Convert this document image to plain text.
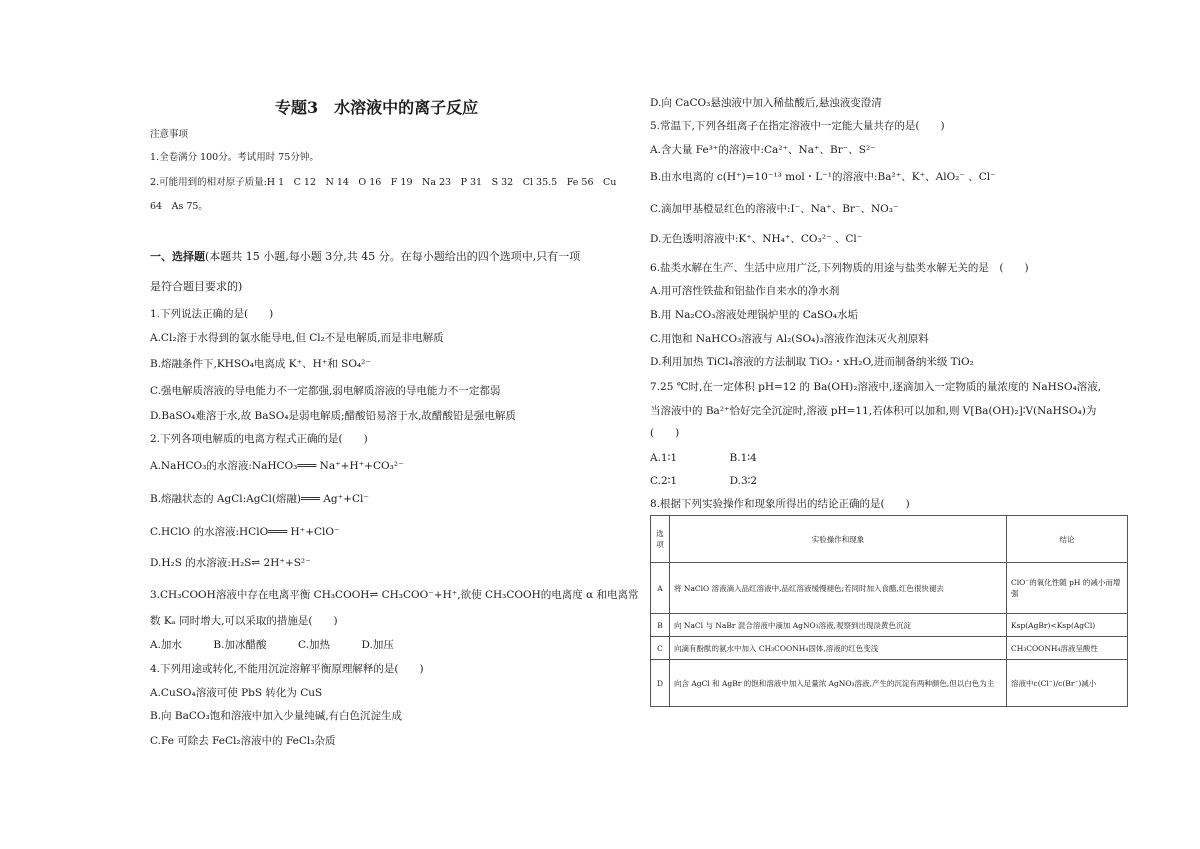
专题3　水溶液中的离子反应
注意事项
1.全卷满分 100分。考试用时 75分钟。
2.可能用到的相对原子质量:H 1　C 12　N 14　O 16　F 19　Na 23　P 31　S 32　Cl 35.5　Fe 56　Cu
64　As 75。
一、选择题(本题共 15 小题,每小题 3分,共 45 分。在每小题给出的四个选项中,只有一项
是符合题目要求的)
1.下列说法正确的是(　　)
A.Cl₂溶于水得到的氯水能导电,但 Cl₂不是电解质,而是非电解质
B.熔融条件下,KHSO₄电离成 K⁺、H⁺和 SO₄²⁻
C.强电解质溶液的导电能力不一定都强,弱电解质溶液的导电能力不一定都弱
D.BaSO₄难溶于水,故 BaSO₄是弱电解质;醋酸铅易溶于水,故醋酸铅是强电解质
2.下列各项电解质的电离方程式正确的是(　　)
A.NaHCO₃的水溶液:NaHCO₃═══ Na⁺+H⁺+CO₃²⁻
B.熔融状态的 AgCl:AgCl(熔融)═══ Ag⁺+Cl⁻
C.HClO 的水溶液:HClO═══ H⁺+ClO⁻
D.H₂S 的水溶液:H₂S⇌ 2H⁺+S²⁻
3.CH₃COOH溶液中存在电离平衡 CH₃COOH⇌ CH₃COO⁻+H⁺,欲使 CH₃COOH的电离度 α 和电离常
数 Kₐ 同时增大,可以采取的措施是(　　)
A.加水　　　B.加冰醋酸　　　C.加热　　　D.加压
4.下列用途或转化,不能用沉淀溶解平衡原理解释的是(　　)
A.CuSO₄溶液可使 PbS 转化为 CuS
B.向 BaCO₃饱和溶液中加入少量纯碱,有白色沉淀生成
C.Fe 可除去 FeCl₂溶液中的 FeCl₃杂质
D.向 CaCO₃悬浊液中加入稀盐酸后,悬浊液变澄清
5.常温下,下列各组离子在指定溶液中一定能大量共存的是(　　)
A.含大量 Fe³⁺的溶液中:Ca²⁺、Na⁺、Br⁻、S²⁻
B.由水电离的 c(H⁺)=10⁻¹³ mol・L⁻¹的溶液中:Ba²⁺、K⁺、AlO₂⁻ 、Cl⁻
C.滴加甲基橙显红色的溶液中:I⁻、Na⁺、Br⁻、NO₃⁻
D.无色透明溶液中:K⁺、NH₄⁺、CO₃²⁻ 、Cl⁻
6.盐类水解在生产、生活中应用广泛,下列物质的用途与盐类水解无关的是　(　　)
A.用可溶性铁盐和铝盐作自来水的净水剂
B.用 Na₂CO₃溶液处理锅炉里的 CaSO₄水垢
C.用饱和 NaHCO₃溶液与 Al₂(SO₄)₃溶液作泡沫灭火剂原料
D.利用加热 TiCl₄溶液的方法制取 TiO₂・xH₂O,进而制备纳米级 TiO₂
7.25 ℃时,在一定体积 pH=12 的 Ba(OH)₂溶液中,逐滴加入一定物质的量浓度的 NaHSO₄溶液,
当溶液中的 Ba²⁺恰好完全沉淀时,溶液 pH=11,若体积可以加和,则 V[Ba(OH)₂]∶V(NaHSO₄)为
(　　)
A.1∶1　　　　　B.1∶4
C.2∶1　　　　　D.3∶2
8.根据下列实验操作和现象所得出的结论正确的是(　　)
选项	实验操作和现象	结论
A	将 NaClO 溶液滴入品红溶液中,品红溶液缓慢褪色;若同时加入食醋,红色很快褪去	ClO⁻的氧化性随 pH 的减小而增强
B	向 NaCl 与 NaBr 混合溶液中滴加 AgNO₃溶液,观察到出现淡黄色沉淀	Ksp(AgBr)<Ksp(AgCl)
C	向滴有酚酞的氨水中加入 CH₃COONH₄固体,溶液的红色变浅	CH₃COONH₄溶液呈酸性
D	向含 AgCl 和 AgBr 的饱和溶液中加入足量浓 AgNO₃溶液,产生的沉淀有两种颜色,但以白色为主	溶液中c(Cl⁻)/c(Br⁻)减小
